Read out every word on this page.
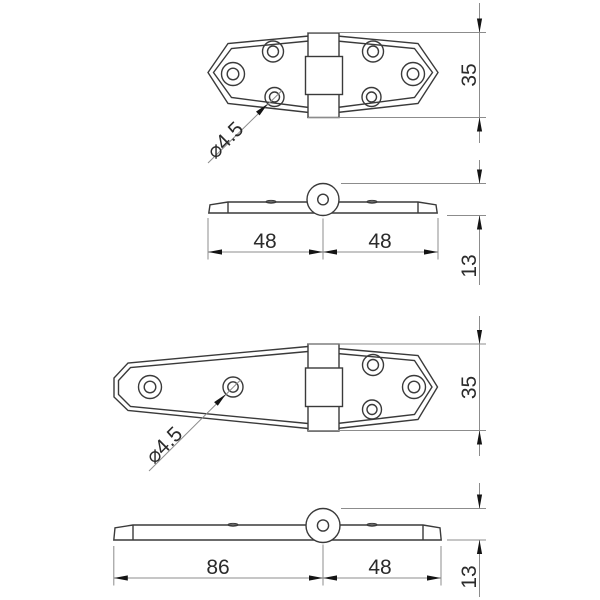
⌀4.5
35
48	48
13
⌀4.5
35
86	48	13
